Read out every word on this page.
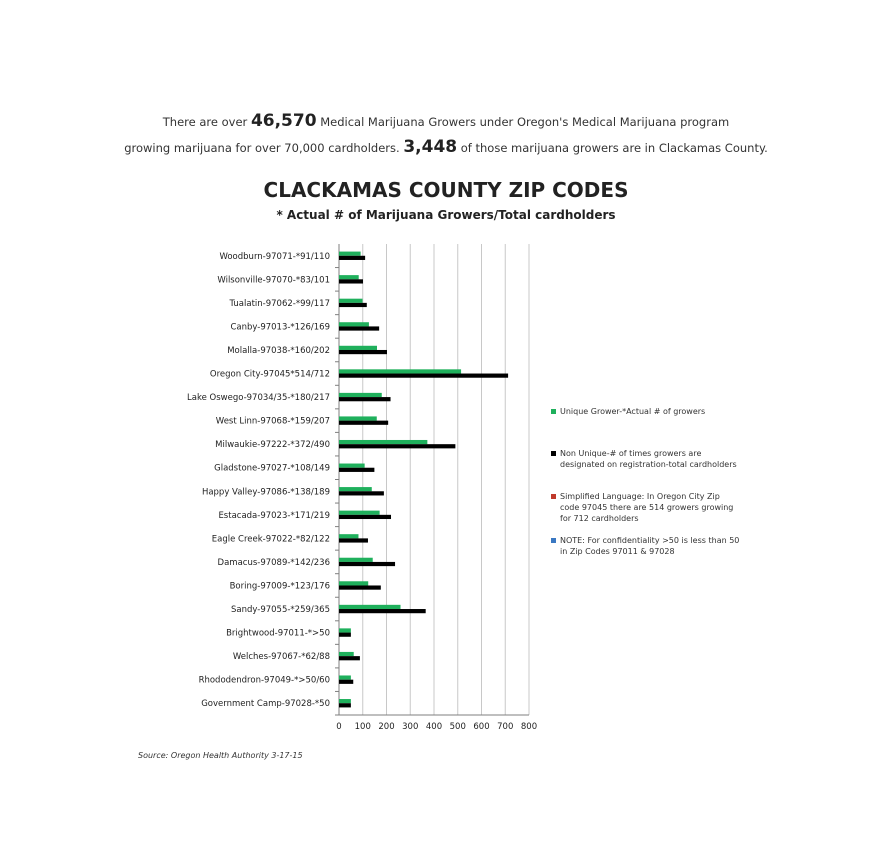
There are over 46,570 Medical Marijuana Growers under Oregon's Medical Marijuana program
growing marijuana for over 70,000 cardholders. 3,448 of those marijuana growers are in Clackamas County.
CLACKAMAS COUNTY ZIP CODES
* Actual # of Marijuana Growers/Total cardholders
0 100 200 300 400 500 600 700 800
Woodburn-97071-*91/110
Wilsonville-97070-*83/101
Tualatin-97062-*99/117
Canby-97013-*126/169
Molalla-97038-*160/202
Oregon City-97045*514/712
Lake Oswego-97034/35-*180/217
West Linn-97068-*159/207
Milwaukie-97222-*372/490
Gladstone-97027-*108/149
Happy Valley-97086-*138/189
Estacada-97023-*171/219
Eagle Creek-97022-*82/122
Damacus-97089-*142/236
Boring-97009-*123/176
Sandy-97055-*259/365
Brightwood-97011-*>50
Welches-97067-*62/88
Rhododendron-97049-*>50/60
Government Camp-97028-*50
Unique Grower-*Actual # of growers
Non Unique-# of times growers are designated on registration-total cardholders
Simplified Language: In Oregon City Zip code 97045 there are 514 growers growing for 712 cardholders
NOTE: For confidentiality >50 is less than 50 in Zip Codes 97011 & 97028
Source: Oregon Health Authority 3-17-15
